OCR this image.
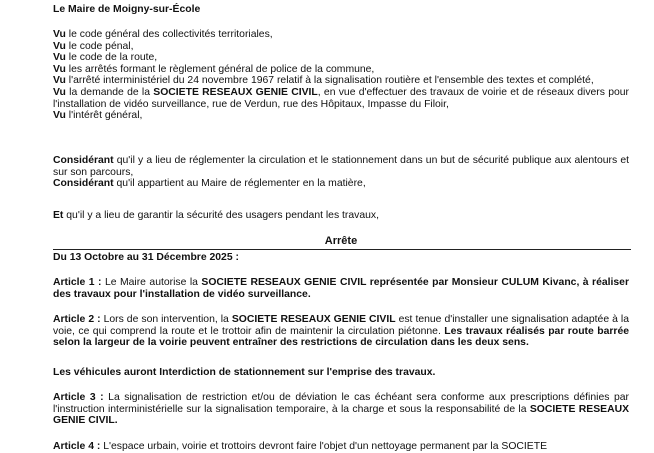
Le Maire de Moigny-sur-École

Vu le code général des collectivités territoriales,

Vu le code pénal,

Vu le code de la route,

Vu les arrêtés formant le règlement général de police de la commune,

Vu l'arrêté interministériel du 24 novembre 1967 relatif à la signalisation routière et l'ensemble des textes et complété,

Vu la demande de la SOCIETE RESEAUX GENIE CIVIL, en vue d'effectuer des travaux de voirie et de réseaux divers pour l'installation de vidéo surveillance, rue de Verdun, rue des Hôpitaux, Impasse du Filoir,

Vu l'intérêt général,

Considérant qu'il y a lieu de réglementer la circulation et le stationnement dans un but de sécurité publique aux alentours et sur son parcours,

Considérant qu'il appartient au Maire de réglementer en la matière,

Et qu'il y a lieu de garantir la sécurité des usagers pendant les travaux,

Arrête

Du 13 Octobre au 31 Décembre 2025 :

Article 1 : Le Maire autorise la SOCIETE RESEAUX GENIE CIVIL représentée par Monsieur CULUM Kivanc, à réaliser des travaux pour l'installation de vidéo surveillance.

Article 2 : Lors de son intervention, la SOCIETE RESEAUX GENIE CIVIL est tenue d'installer une signalisation adaptée à la voie, ce qui comprend la route et le trottoir afin de maintenir la circulation piétonne. Les travaux réalisés par route barrée selon la largeur de la voirie peuvent entraîner des restrictions de circulation dans les deux sens.

Les véhicules auront Interdiction de stationnement sur l'emprise des travaux.

Article 3 : La signalisation de restriction et/ou de déviation le cas échéant sera conforme aux prescriptions définies par l'instruction interministérielle sur la signalisation temporaire, à la charge et sous la responsabilité de la SOCIETE RESEAUX GENIE CIVIL.

Article 4 : L'espace urbain, voirie et trottoirs devront faire l'objet d'un nettoyage permanent par la SOCIETE
